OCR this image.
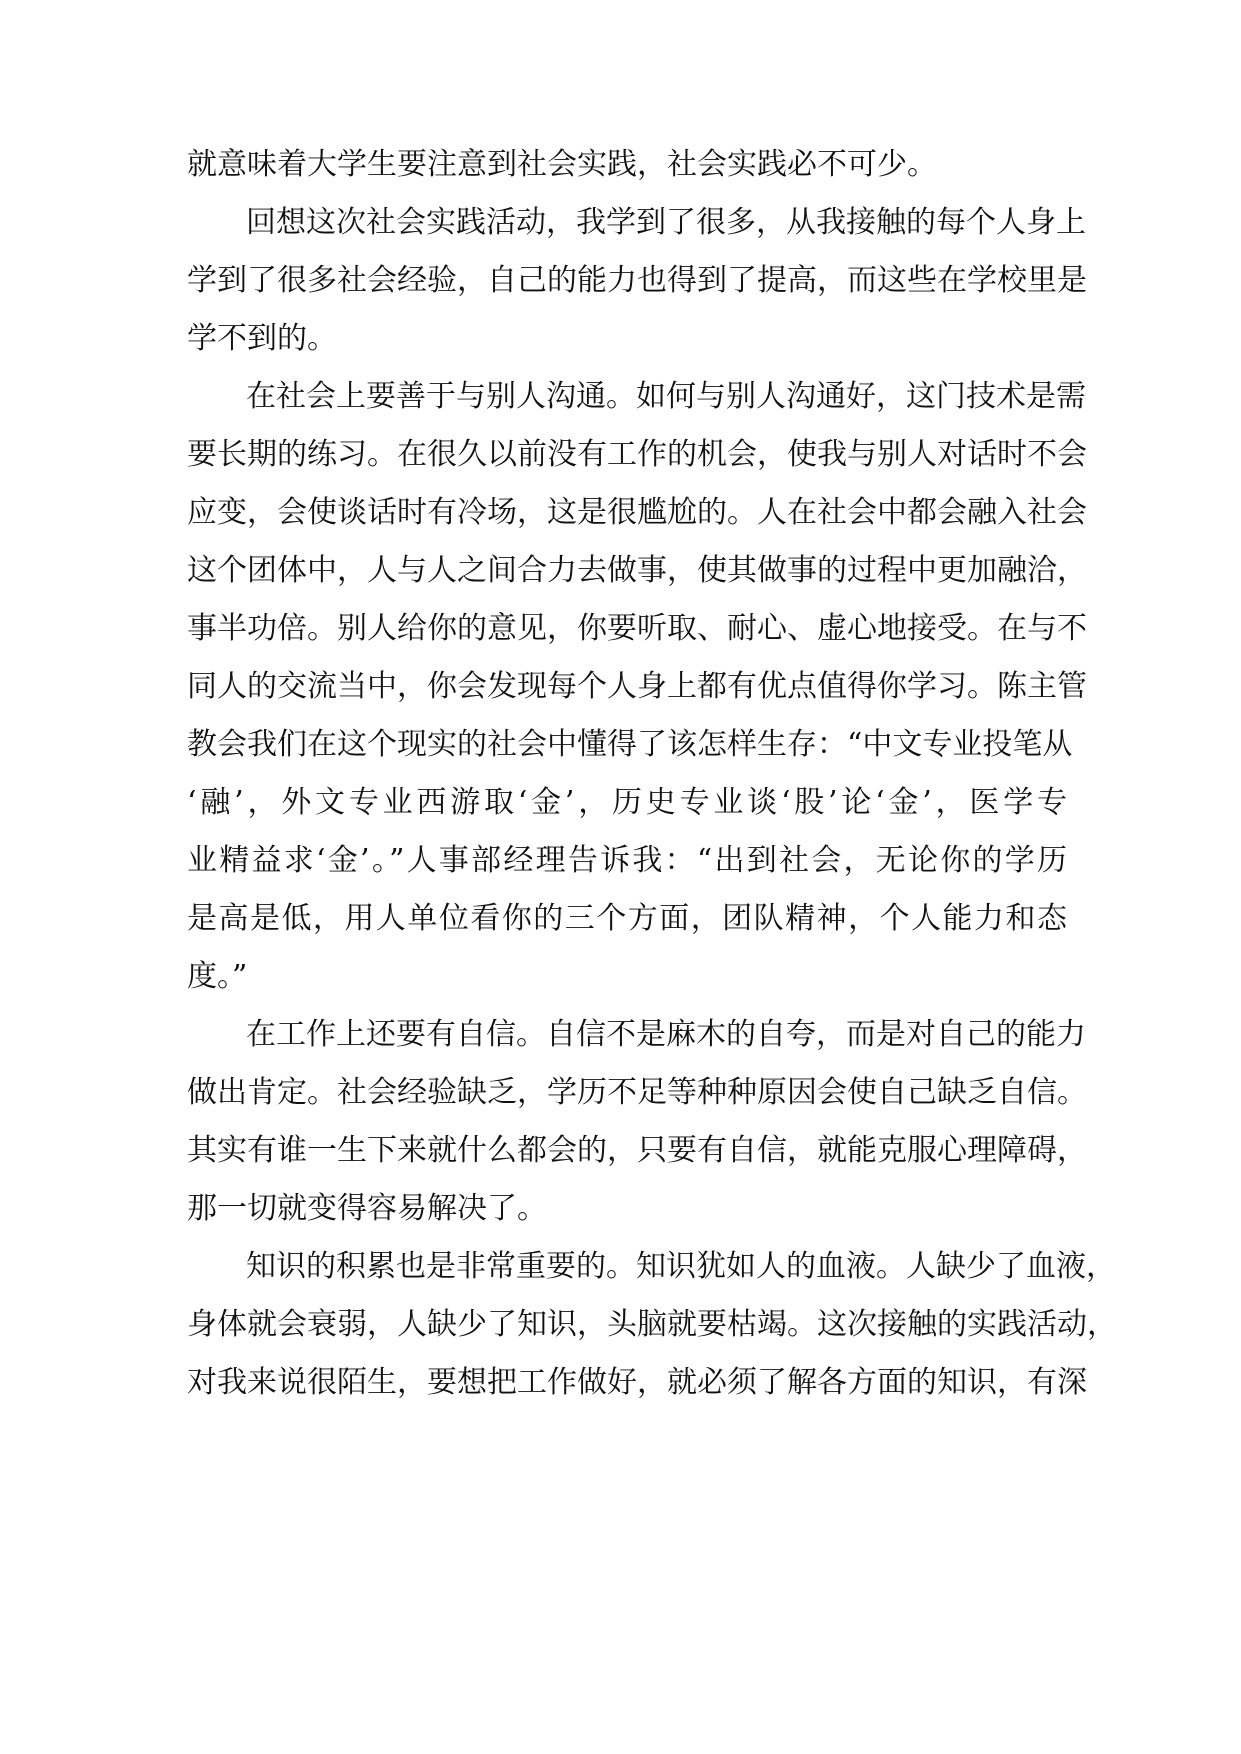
就意味着大学生要注意到社会实践，社会实践必不可少。
回想这次社会实践活动，我学到了很多，从我接触的每个人身上
学到了很多社会经验，自己的能力也得到了提高，而这些在学校里是
学不到的。
在社会上要善于与别人沟通。如何与别人沟通好，这门技术是需
要长期的练习。在很久以前没有工作的机会，使我与别人对话时不会
应变，会使谈话时有冷场，这是很尴尬的。人在社会中都会融入社会
这个团体中，人与人之间合力去做事，使其做事的过程中更加融洽，
事半功倍。别人给你的意见，你要听取、耐心、虚心地接受。在与不
同人的交流当中，你会发现每个人身上都有优点值得你学习。陈主管
教会我们在这个现实的社会中懂得了该怎样生存：“中文专业投笔从
‘融’，外文专业西游取‘金’，历史专业谈‘股’论‘金’，医学专
业精益求‘金’。”人事部经理告诉我：“出到社会，无论你的学历
是高是低，用人单位看你的三个方面，团队精神，个人能力和态
度。”
在工作上还要有自信。自信不是麻木的自夸，而是对自己的能力
做出肯定。社会经验缺乏，学历不足等种种原因会使自己缺乏自信。
其实有谁一生下来就什么都会的，只要有自信，就能克服心理障碍，
那一切就变得容易解决了。
知识的积累也是非常重要的。知识犹如人的血液。人缺少了血液，
身体就会衰弱，人缺少了知识，头脑就要枯竭。这次接触的实践活动，
对我来说很陌生，要想把工作做好，就必须了解各方面的知识，有深
